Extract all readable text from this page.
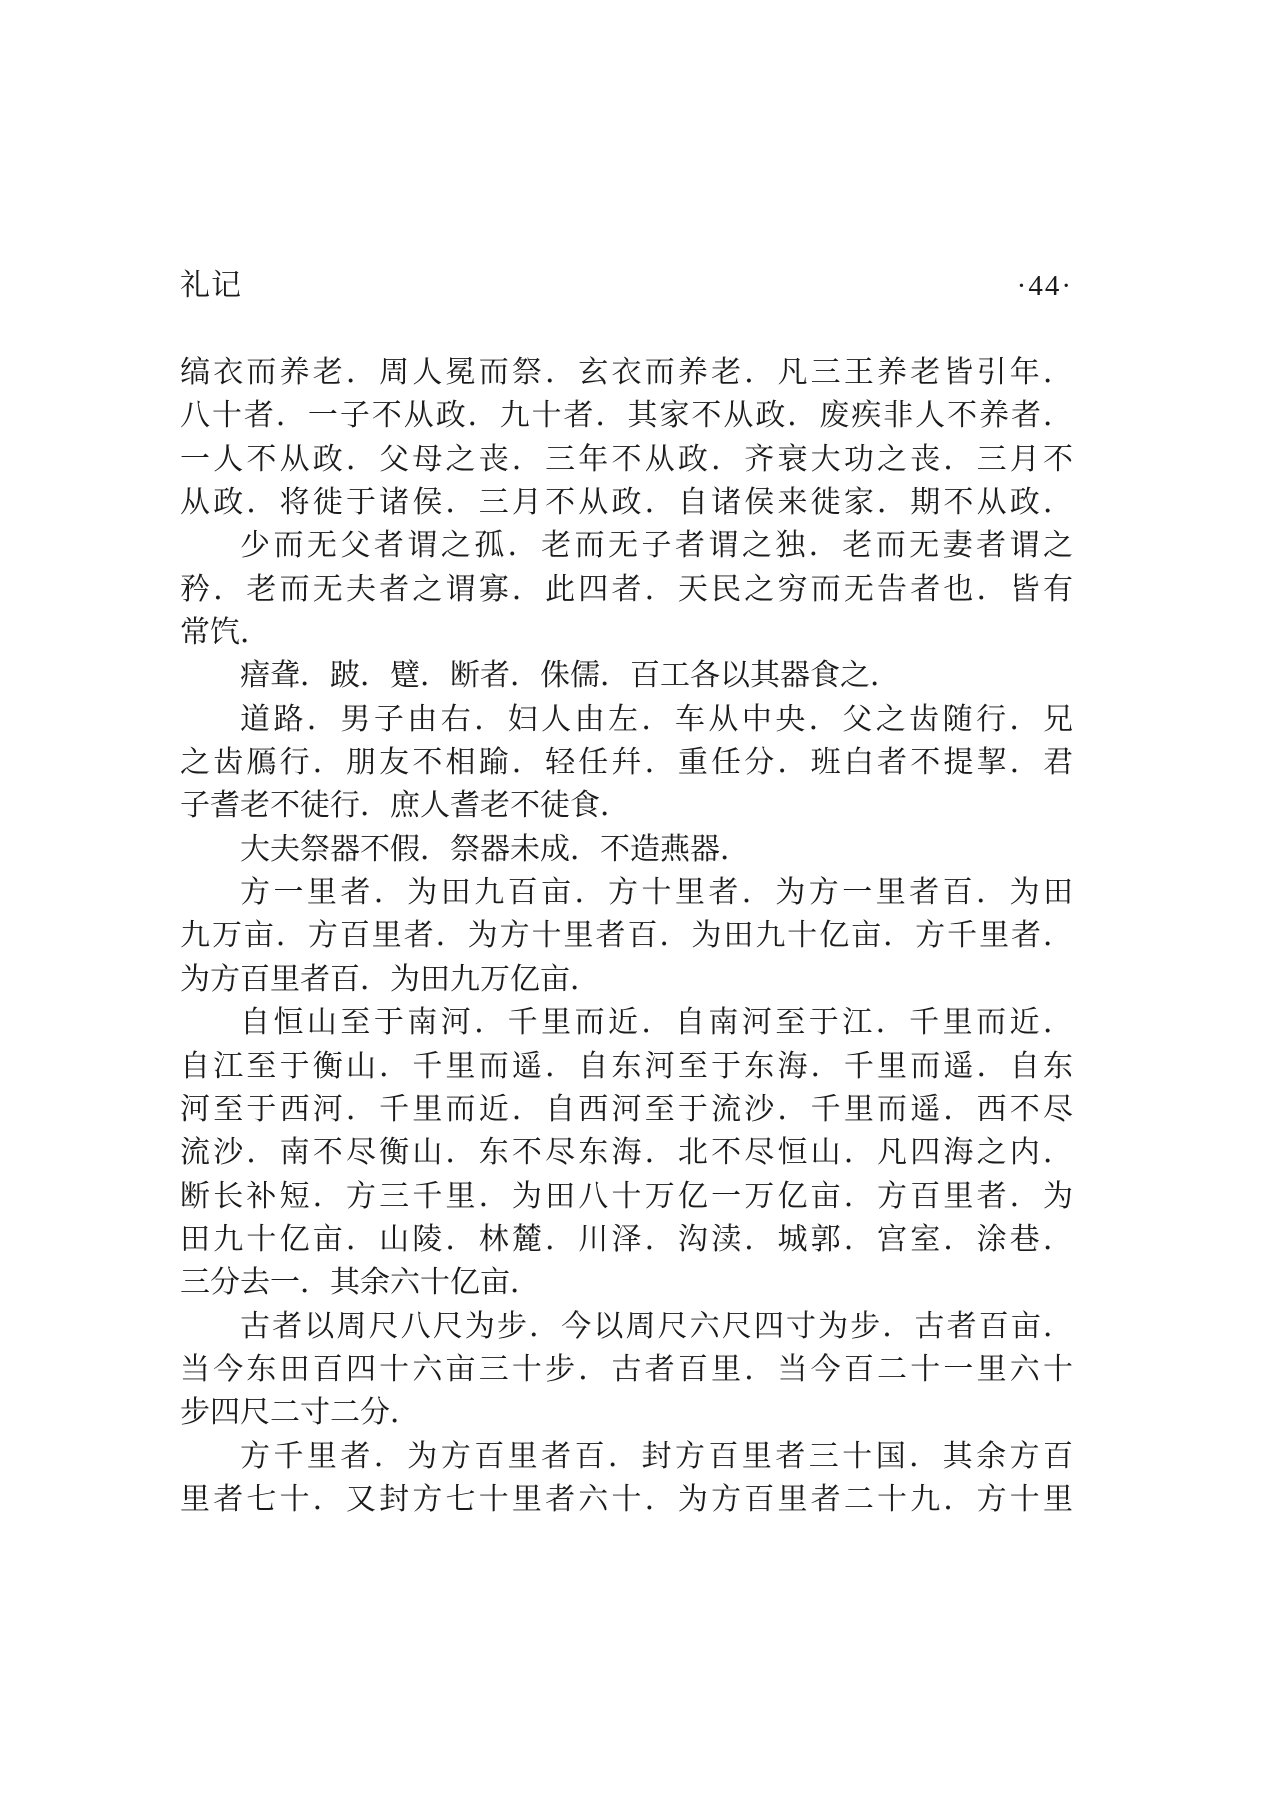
礼记	·44·
缟衣而养老．周人冕而祭．玄衣而养老．凡三王养老皆引年．
八十者．一子不从政．九十者．其家不从政．废疾非人不养者．
一人不从政．父母之丧．三年不从政．齐衰大功之丧．三月不
从政．将徙于诸侯．三月不从政．自诸侯来徙家．期不从政．
少而无父者谓之孤．老而无子者谓之独．老而无妻者谓之
矜．老而无夫者之谓寡．此四者．天民之穷而无告者也．皆有
常饩．
瘖聋．跛．躄．断者．侏儒．百工各以其器食之．
道路．男子由右．妇人由左．车从中央．父之齿随行．兄
之齿鴈行．朋友不相踰．轻任幷．重任分．班白者不提挈．君
子耆老不徒行．庶人耆老不徒食．
大夫祭器不假．祭器未成．不造燕器．
方一里者．为田九百亩．方十里者．为方一里者百．为田
九万亩．方百里者．为方十里者百．为田九十亿亩．方千里者．
为方百里者百．为田九万亿亩．
自恒山至于南河．千里而近．自南河至于江．千里而近．
自江至于衡山．千里而遥．自东河至于东海．千里而遥．自东
河至于西河．千里而近．自西河至于流沙．千里而遥．西不尽
流沙．南不尽衡山．东不尽东海．北不尽恒山．凡四海之内．
断长补短．方三千里．为田八十万亿一万亿亩．方百里者．为
田九十亿亩．山陵．林麓．川泽．沟渎．城郭．宫室．涂巷．
三分去一．其余六十亿亩．
古者以周尺八尺为步．今以周尺六尺四寸为步．古者百亩．
当今东田百四十六亩三十步．古者百里．当今百二十一里六十
步四尺二寸二分．
方千里者．为方百里者百．封方百里者三十国．其余方百
里者七十．又封方七十里者六十．为方百里者二十九．方十里
